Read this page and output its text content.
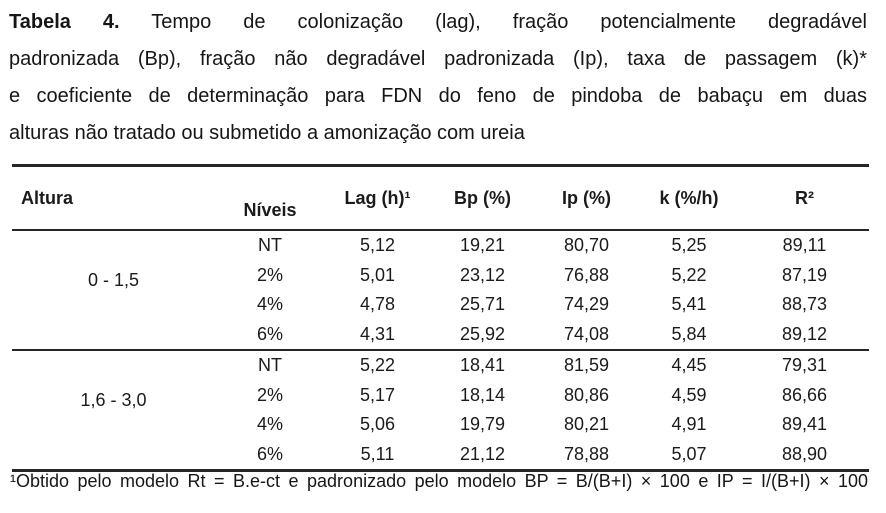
Tabela 4. Tempo de colonização (lag), fração potencialmente degradável
padronizada (Bp), fração não degradável padronizada (Ip), taxa de passagem (k)*
e coeficiente de determinação para FDN do feno de pindoba de babaçu em duas
alturas não tratado ou submetido a amonização com ureia
Altura	Níveis	Lag (h)¹	Bp (%)	Ip (%)	k (%/h)	R²
0 - 1,5	NT	5,12	19,21	80,70	5,25	89,11
	2%	5,01	23,12	76,88	5,22	87,19
	4%	4,78	25,71	74,29	5,41	88,73
	6%	4,31	25,92	74,08	5,84	89,12
1,6 - 3,0	NT	5,22	18,41	81,59	4,45	79,31
	2%	5,17	18,14	80,86	4,59	86,66
	4%	5,06	19,79	80,21	4,91	89,41
	6%	5,11	21,12	78,88	5,07	88,90
¹Obtido pelo modelo Rt = B.e-ct e padronizado pelo modelo BP = B/(B+I) × 100 e IP = I/(B+I) × 100
